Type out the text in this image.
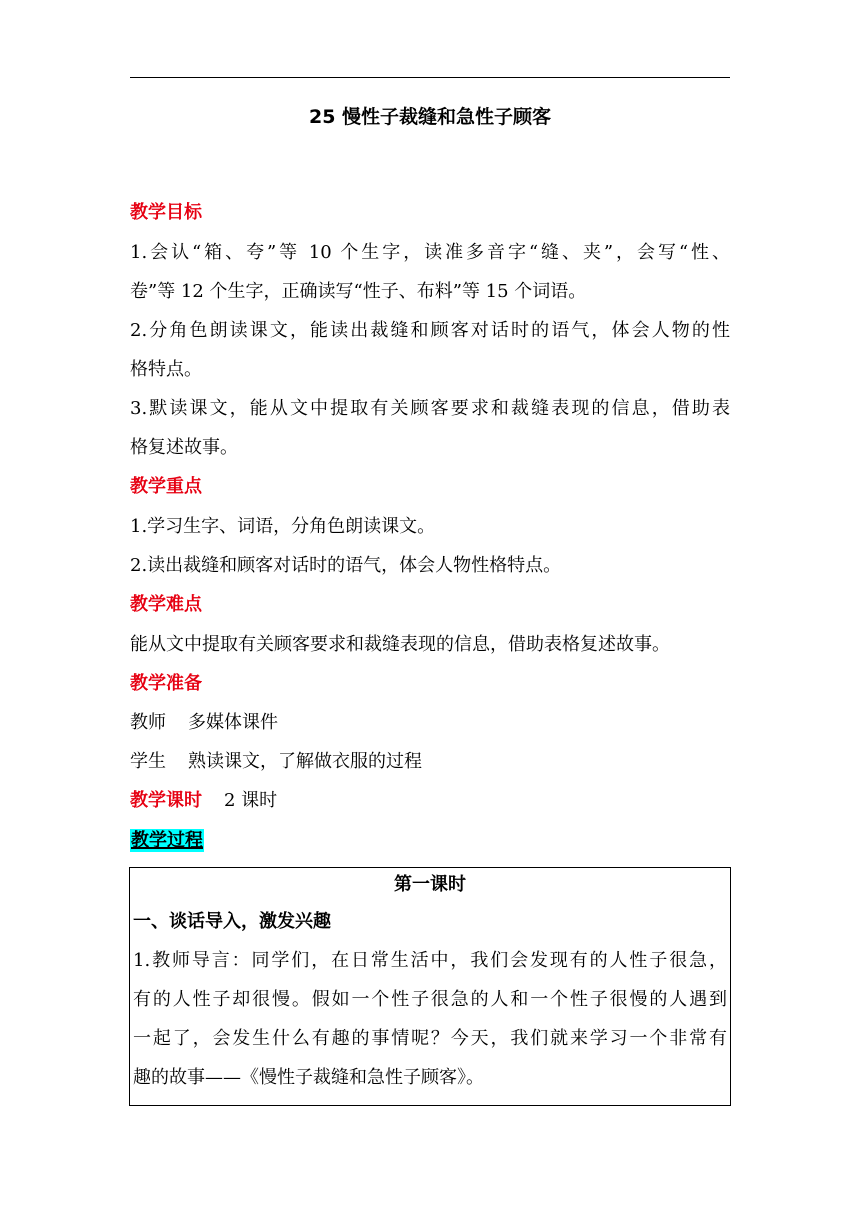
25 慢性子裁缝和急性子顾客
教学目标
1.会认“箱、夸”等 10 个生字，读准多音字“缝、夹”，会写“性、
卷”等 12 个生字，正确读写“性子、布料”等 15 个词语。
2.分角色朗读课文，能读出裁缝和顾客对话时的语气，体会人物的性
格特点。
3.默读课文，能从文中提取有关顾客要求和裁缝表现的信息，借助表
格复述故事。
教学重点
1.学习生字、词语，分角色朗读课文。
2.读出裁缝和顾客对话时的语气，体会人物性格特点。
教学难点
能从文中提取有关顾客要求和裁缝表现的信息，借助表格复述故事。
教学准备
教师 多媒体课件
学生 熟读课文，了解做衣服的过程
教学课时 2 课时
教学过程
第一课时
一、谈话导入，激发兴趣
1.教师导言：同学们，在日常生活中，我们会发现有的人性子很急，
有的人性子却很慢。假如一个性子很急的人和一个性子很慢的人遇到
一起了，会发生什么有趣的事情呢？今天，我们就来学习一个非常有
趣的故事——《慢性子裁缝和急性子顾客》。
